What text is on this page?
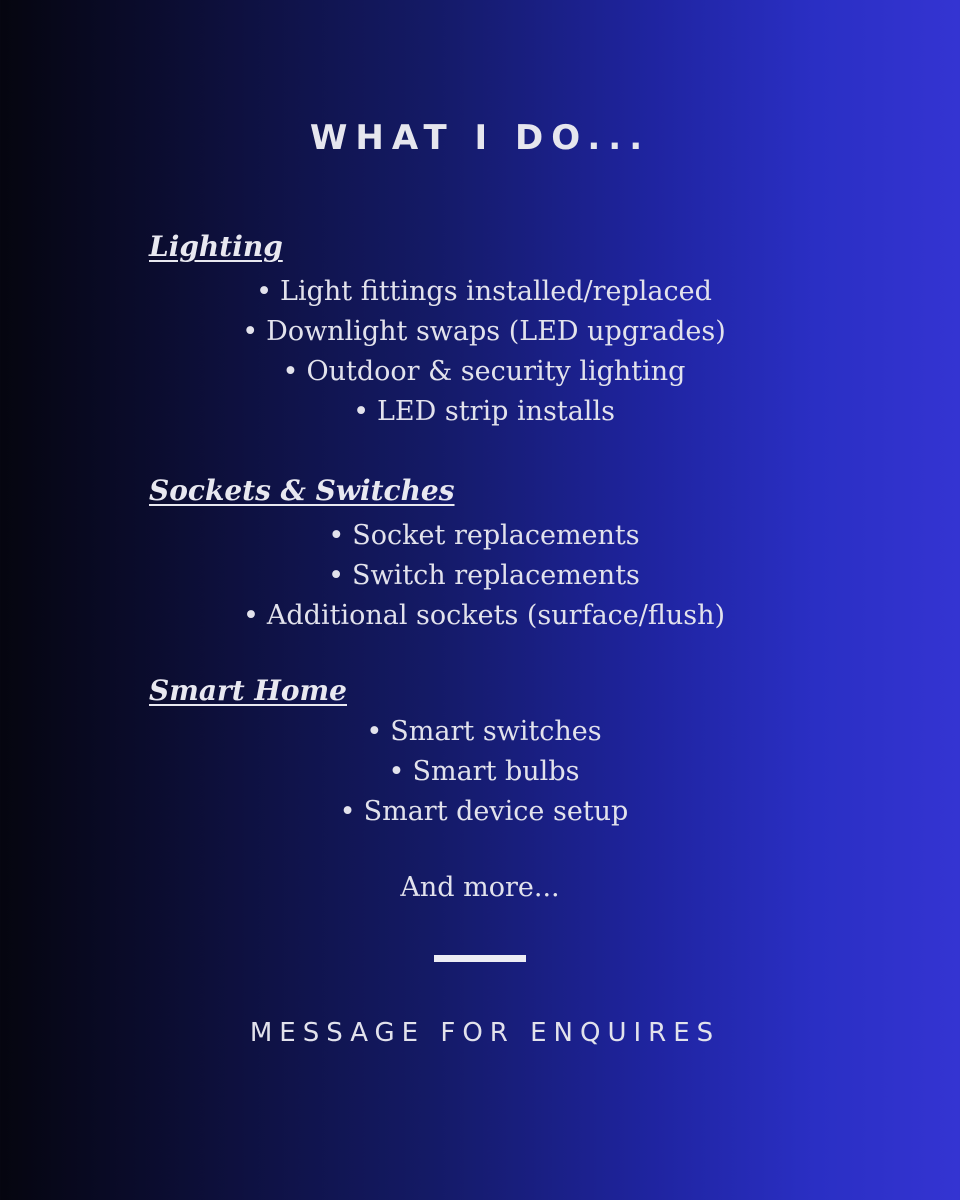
WHAT I DO...
Lighting
• Light fittings installed/replaced
• Downlight swaps (LED upgrades)
• Outdoor & security lighting
• LED strip installs
Sockets & Switches
• Socket replacements
• Switch replacements
• Additional sockets (surface/flush)
Smart Home
• Smart switches
• Smart bulbs
• Smart device setup
And more...
MESSAGE FOR ENQUIRES
